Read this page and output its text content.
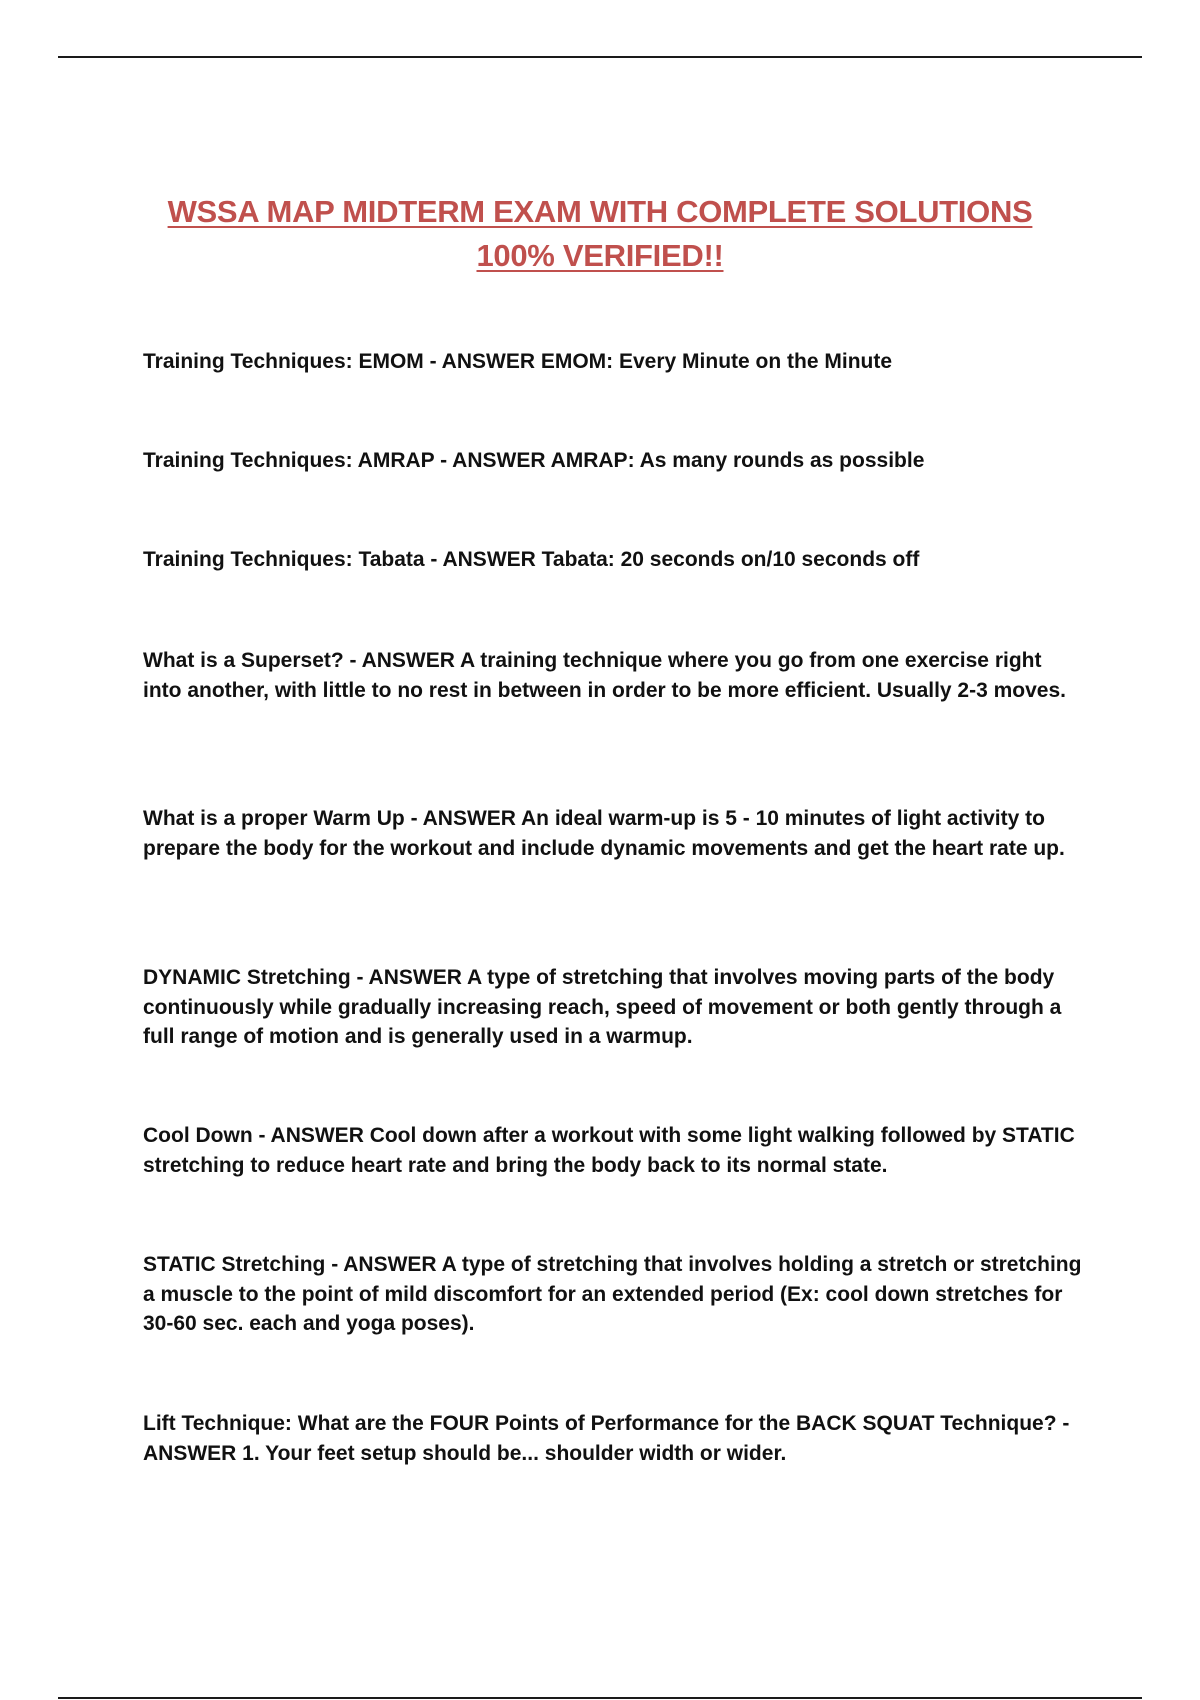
WSSA MAP MIDTERM EXAM WITH COMPLETE SOLUTIONS
100% VERIFIED!!

Training Techniques: EMOM - ANSWER EMOM: Every Minute on the Minute

Training Techniques: AMRAP - ANSWER AMRAP: As many rounds as possible

Training Techniques: Tabata - ANSWER Tabata: 20 seconds on/10 seconds off

What is a Superset? - ANSWER A training technique where you go from one exercise right into another, with little to no rest in between in order to be more efficient. Usually 2-3 moves.

What is a proper Warm Up - ANSWER An ideal warm-up is 5 - 10 minutes of light activity to prepare the body for the workout and include dynamic movements and get the heart rate up.

DYNAMIC Stretching - ANSWER A type of stretching that involves moving parts of the body continuously while gradually increasing reach, speed of movement or both gently through a full range of motion and is generally used in a warmup.

Cool Down - ANSWER Cool down after a workout with some light walking followed by STATIC stretching to reduce heart rate and bring the body back to its normal state.

STATIC Stretching - ANSWER A type of stretching that involves holding a stretch or stretching a muscle to the point of mild discomfort for an extended period (Ex: cool down stretches for 30-60 sec. each and yoga poses).

Lift Technique: What are the FOUR Points of Performance for the BACK SQUAT Technique? - ANSWER 1. Your feet setup should be... shoulder width or wider.
